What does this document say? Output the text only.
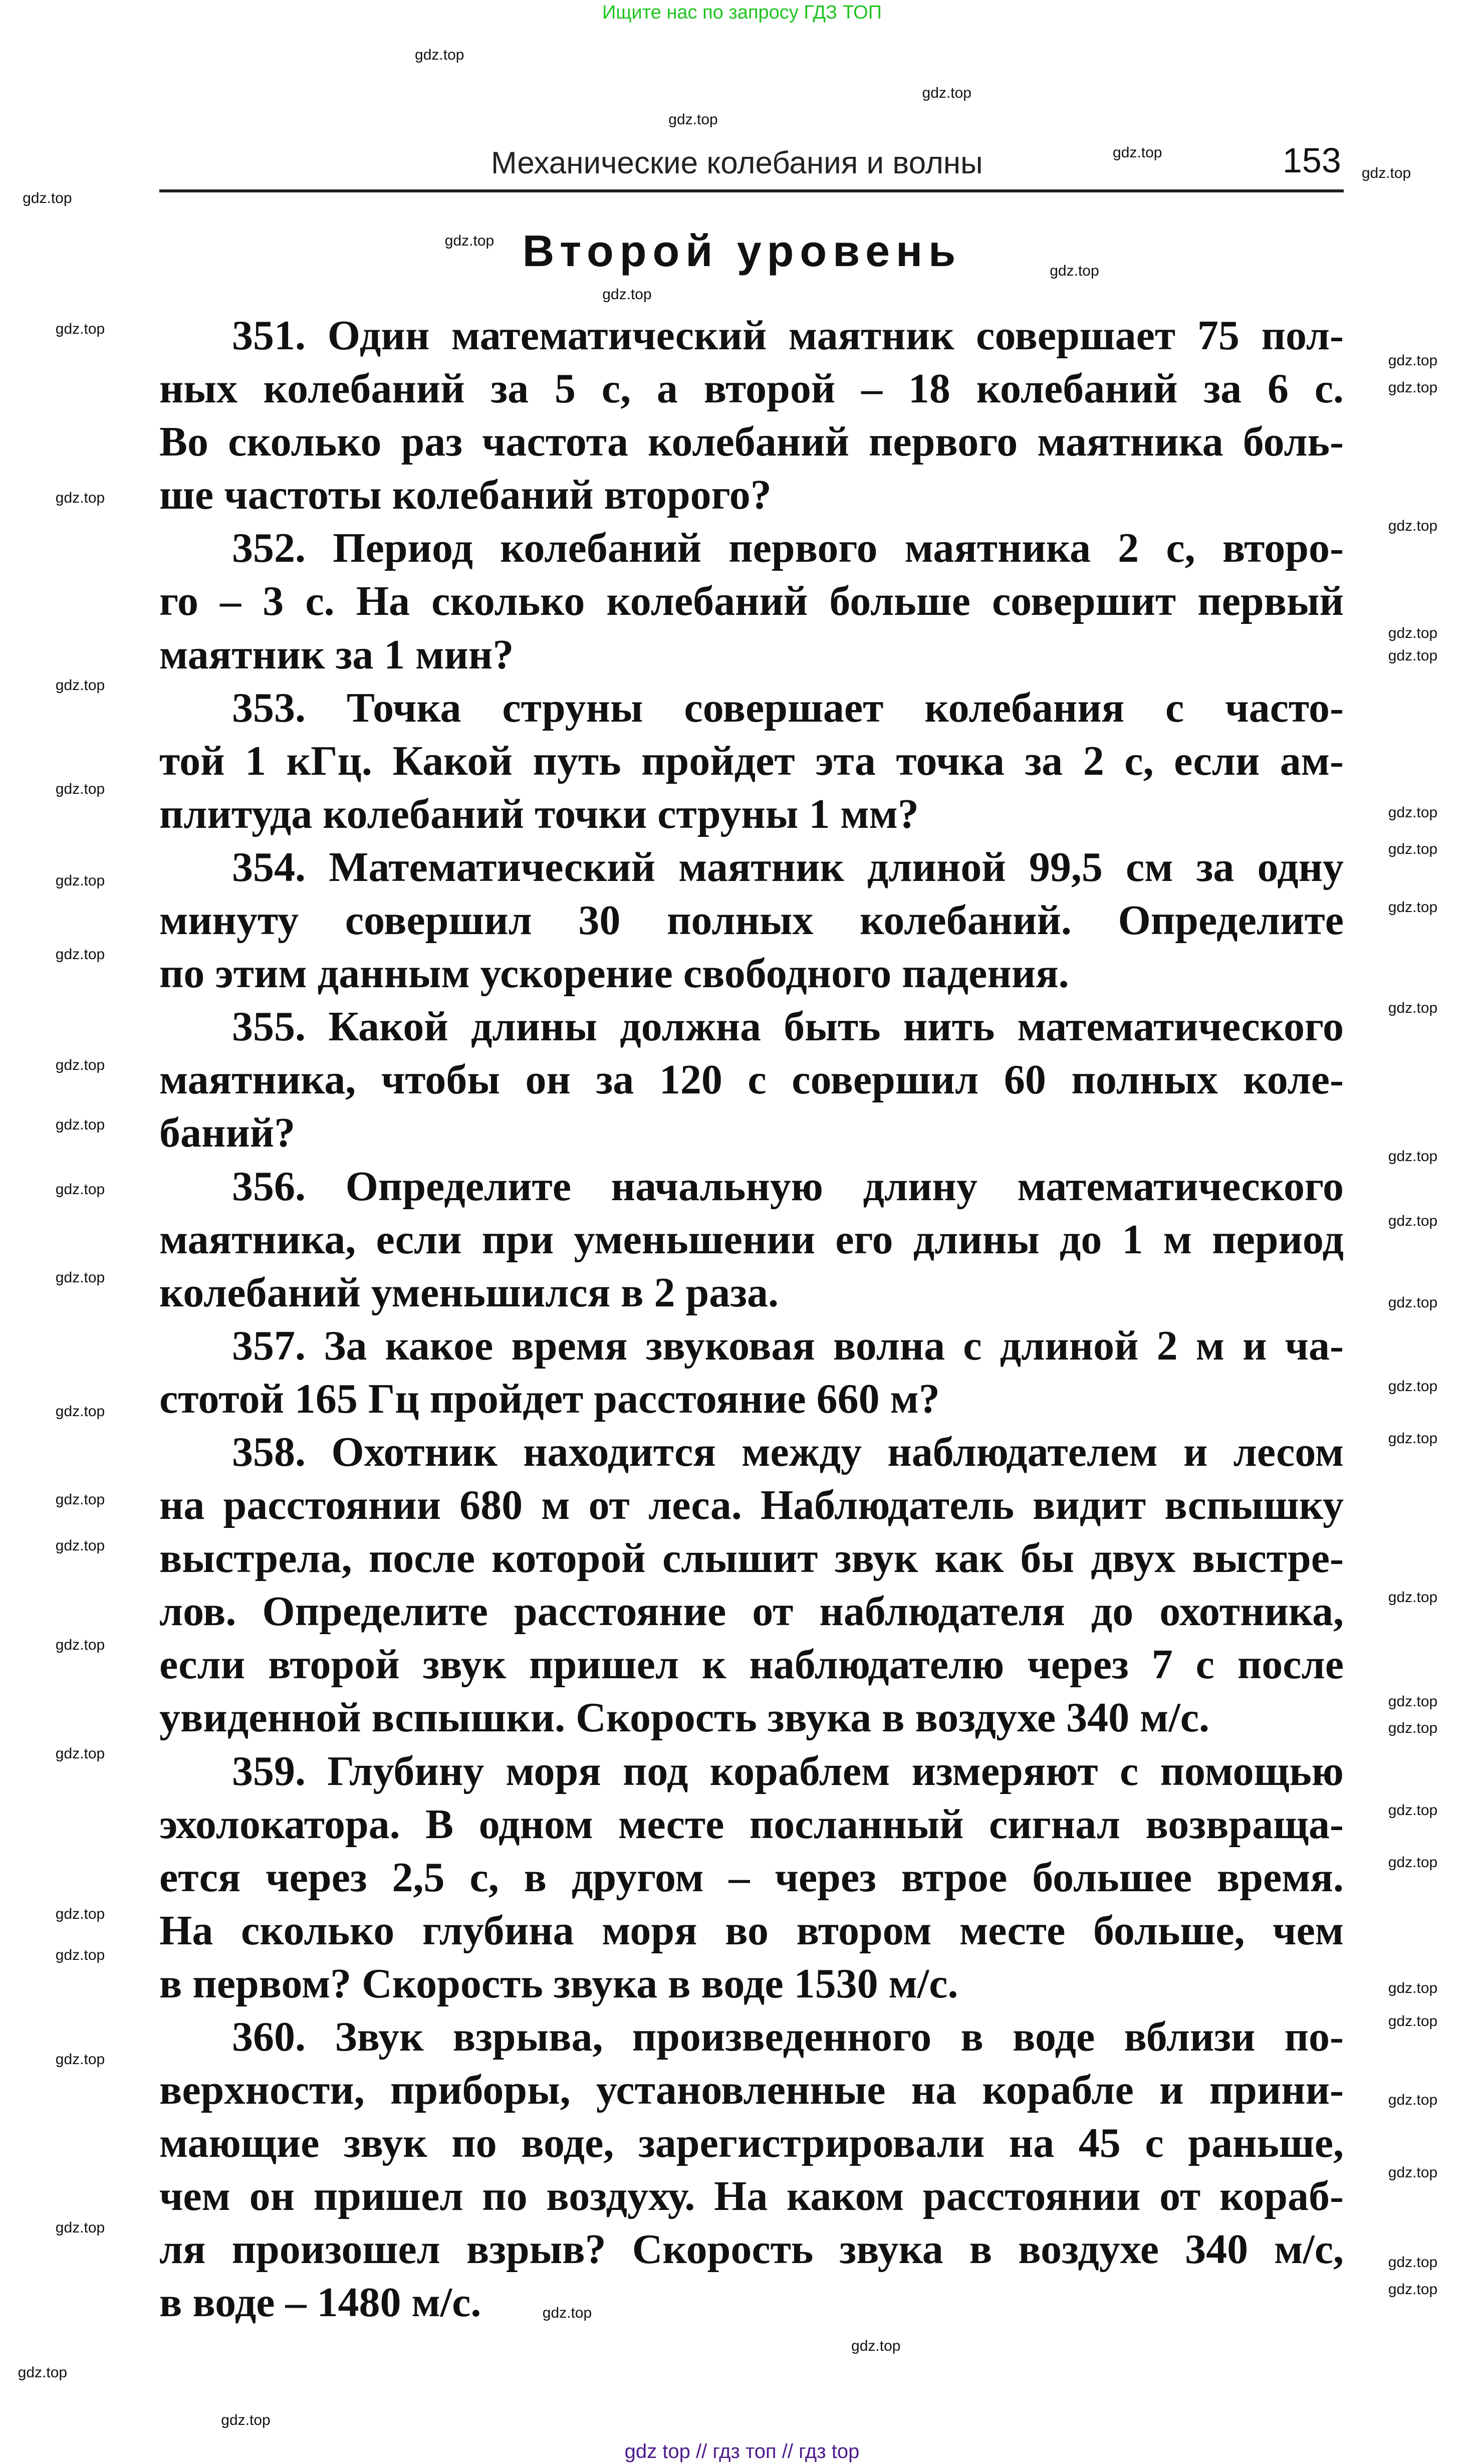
Ищите нас по запросу ГДЗ ТОП
Механические колебания и волны	153
Второй уровень
351. Один математический маятник совершает 75 пол-
ных колебаний за 5 с, а второй – 18 колебаний за 6 с.
Во сколько раз частота колебаний первого маятника боль-
ше частоты колебаний второго?
352. Период колебаний первого маятника 2 с, второ-
го – 3 с. На сколько колебаний больше совершит первый
маятник за 1 мин?
353. Точка струны совершает колебания с часто-
той 1 кГц. Какой путь пройдет эта точка за 2 с, если ам-
плитуда колебаний точки струны 1 мм?
354. Математический маятник длиной 99,5 см за одну
минуту совершил 30 полных колебаний. Определите
по этим данным ускорение свободного падения.
355. Какой длины должна быть нить математического
маятника, чтобы он за 120 с совершил 60 полных коле-
баний?
356. Определите начальную длину математического
маятника, если при уменьшении его длины до 1 м период
колебаний уменьшился в 2 раза.
357. За какое время звуковая волна с длиной 2 м и ча-
стотой 165 Гц пройдет расстояние 660 м?
358. Охотник находится между наблюдателем и лесом
на расстоянии 680 м от леса. Наблюдатель видит вспышку
выстрела, после которой слышит звук как бы двух выстре-
лов. Определите расстояние от наблюдателя до охотника,
если второй звук пришел к наблюдателю через 7 с после
увиденной вспышки. Скорость звука в воздухе 340 м/с.
359. Глубину моря под кораблем измеряют с помощью
эхолокатора. В одном месте посланный сигнал возвраща-
ется через 2,5 с, в другом – через втрое большее время.
На сколько глубина моря во втором месте больше, чем
в первом? Скорость звука в воде 1530 м/с.
360. Звук взрыва, произведенного в воде вблизи по-
верхности, приборы, установленные на корабле и прини-
мающие звук по воде, зарегистрировали на 45 с раньше,
чем он пришел по воздуху. На каком расстоянии от кораб-
ля произошел взрыв? Скорость звука в воздухе 340 м/с,
в воде – 1480 м/с.
gdz.top
gdz.top
gdz.top
gdz.top
gdz.top
gdz.top
gdz.top
gdz.top
gdz.top
gdz.top
gdz.top
gdz.top
gdz.top
gdz.top
gdz.top
gdz.top
gdz.top
gdz.top
gdz.top
gdz.top
gdz.top
gdz.top
gdz.top
gdz.top
gdz.top
gdz.top
gdz.top
gdz.top
gdz.top
gdz.top
gdz.top
gdz.top
gdz.top
gdz.top
gdz.top
gdz.top
gdz.top
gdz.top
gdz.top
gdz.top
gdz.top
gdz.top
gdz.top
gdz.top
gdz.top
gdz.top
gdz.top
gdz.top
gdz.top
gdz.top
gdz.top
gdz.top
gdz.top
gdz.top
gdz.top
gdz.top
gdz.top
gdz top // гдз топ // гдз top
